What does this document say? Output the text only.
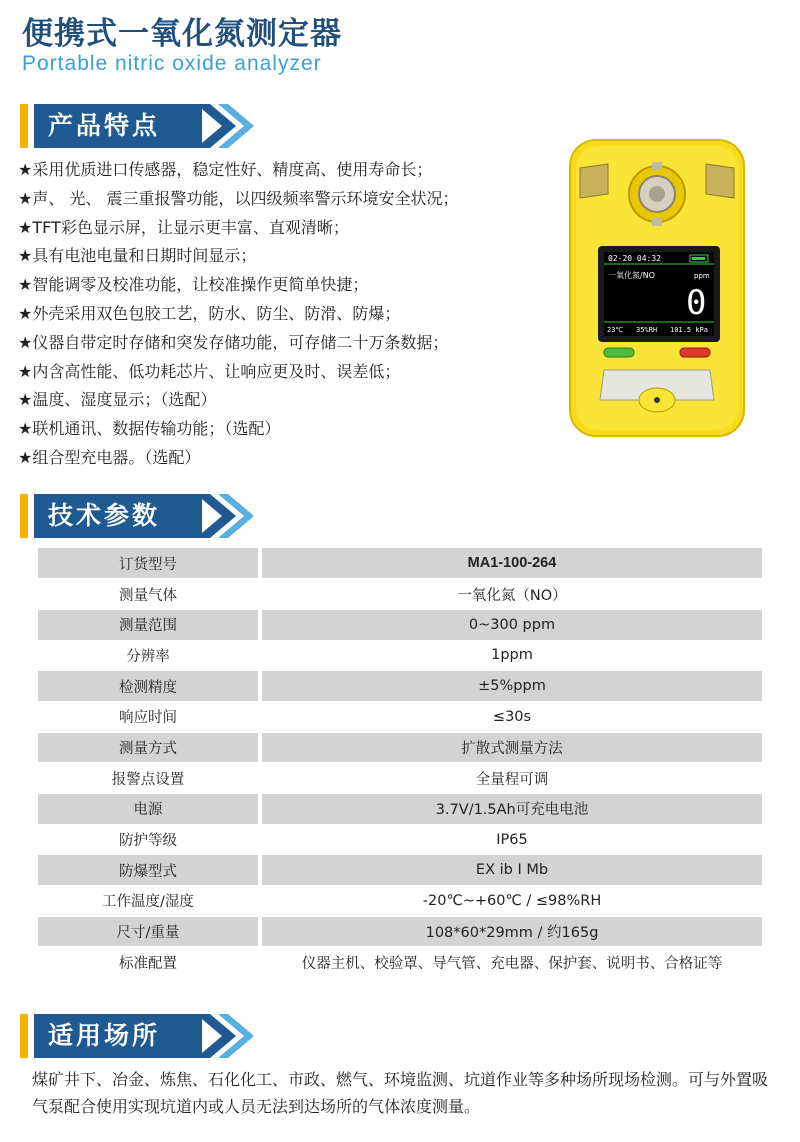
便携式一氧化氮测定器
Portable nitric oxide analyzer
产品特点
★采用优质进口传感器，稳定性好、精度高、使用寿命长；
★声、 光、 震三重报警功能，以四级频率警示环境安全状况；
★TFT彩色显示屏，让显示更丰富、直观清晰；
★具有电池电量和日期时间显示；
★智能调零及校准功能，让校准操作更简单快捷；
★外壳采用双色包胶工艺，防水、防尘、防滑、防爆；
★仪器自带定时存储和突发存储功能，可存储二十万条数据；
★内含高性能、低功耗芯片、让响应更及时、误差低；
★温度、湿度显示；（选配）
★联机通讯、数据传输功能；（选配）
★组合型充电器。（选配）
02-20 04:32
一氧化氮/NO	ppm
0
23℃ 35%RH 101.5 kPa
技术参数
订货型号	MA1-100-264
测量气体	一氧化氮（NO）
测量范围	0~300 ppm
分辨率	1ppm
检测精度	±5%ppm
响应时间	≤30s
测量方式	扩散式测量方法
报警点设置	全量程可调
电源	3.7V/1.5Ah可充电电池
防护等级	IP65
防爆型式	EX ib Ⅰ Mb
工作温度/湿度	-20℃~+60℃ / ≤98%RH
尺寸/重量	108*60*29mm / 约165g
标准配置	仪器主机、校验罩、导气管、充电器、保护套、说明书、合格证等
适用场所

煤矿井下、冶金、炼焦、石化化工、市政、燃气、环境监测、坑道作业等多种场所现场检测。可与外置吸气泵配合使用实现坑道内或人员无法到达场所的气体浓度测量。
